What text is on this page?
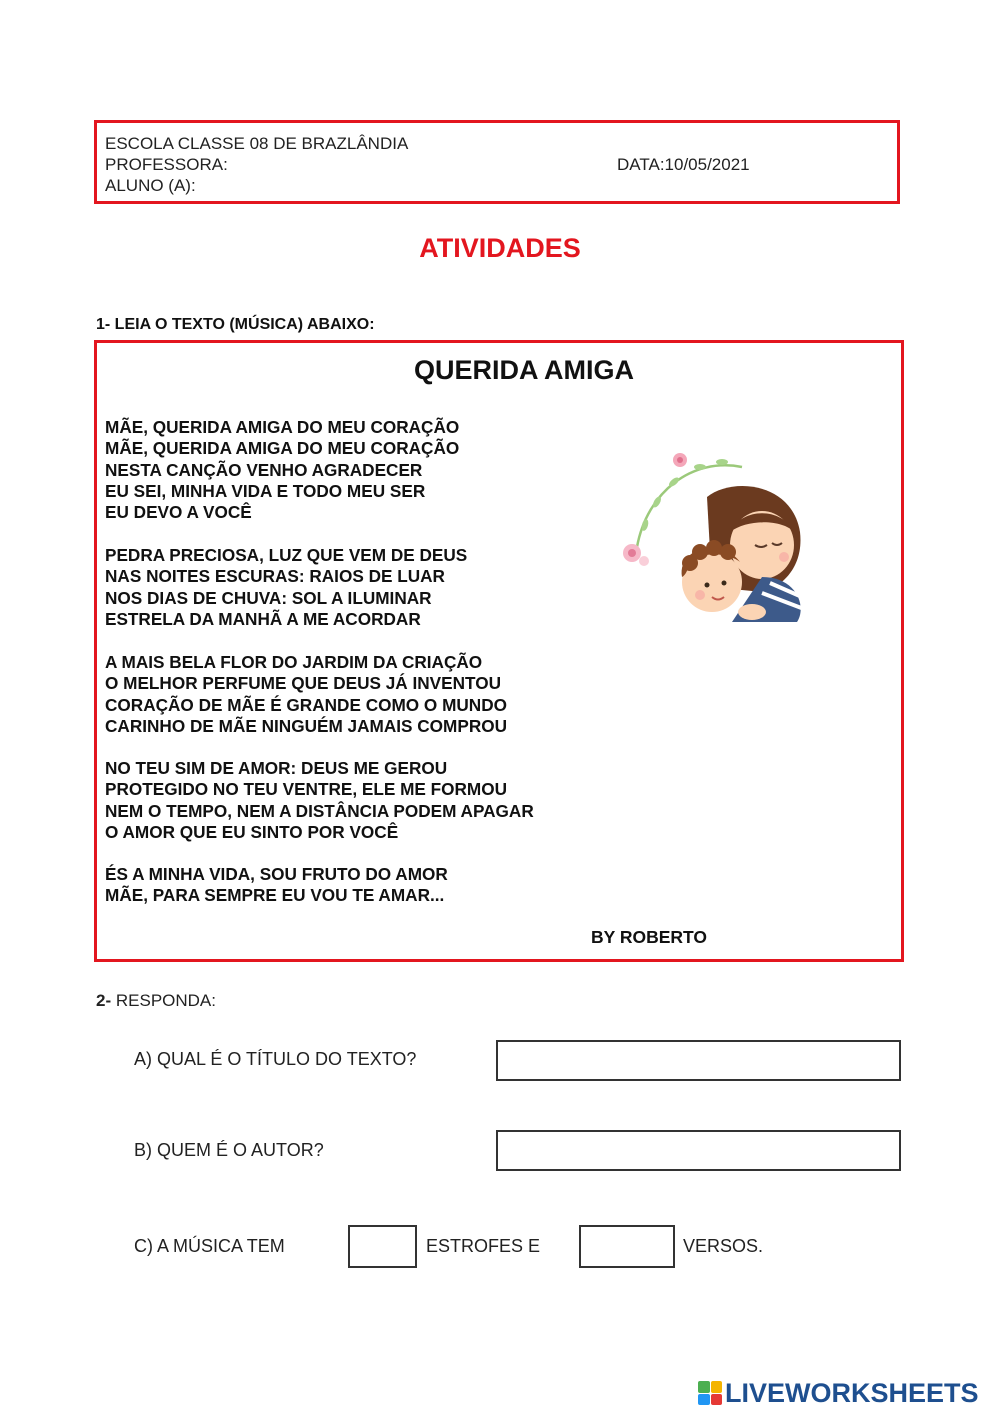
ESCOLA CLASSE 08 DE BRAZLÂNDIA
PROFESSORA:
ALUNO (A):
DATA:10/05/2021
ATIVIDADES
1- LEIA O TEXTO (MÚSICA) ABAIXO:
QUERIDA AMIGA
MÃE, QUERIDA AMIGA DO MEU CORAÇÃO
MÃE, QUERIDA AMIGA DO MEU CORAÇÃO
NESTA CANÇÃO VENHO AGRADECER
EU SEI, MINHA VIDA E TODO MEU SER
EU DEVO A VOCÊ
PEDRA PRECIOSA, LUZ QUE VEM DE DEUS
NAS NOITES ESCURAS: RAIOS DE LUAR
NOS DIAS DE CHUVA: SOL A ILUMINAR
ESTRELA DA MANHÃ A ME ACORDAR
A MAIS BELA FLOR DO JARDIM DA CRIAÇÃO
O MELHOR PERFUME QUE DEUS JÁ INVENTOU
CORAÇÃO DE MÃE É GRANDE COMO O MUNDO
CARINHO DE MÃE NINGUÉM JAMAIS COMPROU
NO TEU SIM DE AMOR: DEUS ME GEROU
PROTEGIDO NO TEU VENTRE, ELE ME FORMOU
NEM O TEMPO, NEM A DISTÂNCIA PODEM APAGAR
O AMOR QUE EU SINTO POR VOCÊ
ÉS A MINHA VIDA, SOU FRUTO DO AMOR
MÃE, PARA SEMPRE EU VOU TE AMAR...
BY ROBERTO
2- RESPONDA:
A) QUAL É O TÍTULO DO TEXTO?
B) QUEM É O AUTOR?
C) A MÚSICA TEM	ESTROFES E	VERSOS.
LIVEWORKSHEETS
